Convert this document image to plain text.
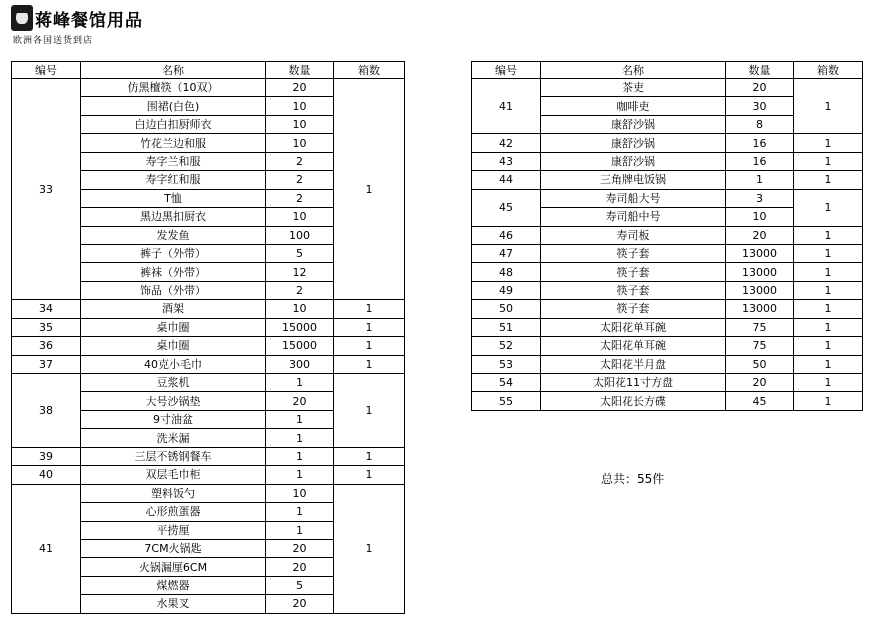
蒋峰餐馆用品
欧洲各国送货到店
编号	名称	数量	箱数
33	仿黑檀筷（10双）	20	1
	围裙(白色)	10	
	白边白扣厨师衣	10	
	竹花兰边和服	10	
	寿字兰和服	2	
	寿字红和服	2	
	T恤	2	
	黑边黑扣厨衣	10	
	发发鱼	100	
	裤子（外带）	5	
	裤袜（外带）	12	
	饰品（外带）	2	
34	酒架	10	1
35	桌巾圈	15000	1
36	桌巾圈	15000	1
37	40克小毛巾	300	1
38	豆浆机	1	1
	大号沙锅垫	20	
	9寸油盆	1	
	洗米漏	1	
39	三层不锈钢餐车	1	1
40	双层毛巾柜	1	1
41	塑料饭勺	10	1
	心形煎蛋器	1	
	平捞厘	1	
	7CM火锅匙	20	
	火锅漏厘6CM	20	
	煤燃器	5	
	水果叉	20	
编号	名称	数量	箱数
41	茶吏	20	1
	咖啡吏	30	
	康舒沙锅	8	
42	康舒沙锅	16	1
43	康舒沙锅	16	1
44	三角牌电饭锅	1	1
45	寿司船大号	3	1
	寿司船中号	10	
46	寿司板	20	1
47	筷子套	13000	1
48	筷子套	13000	1
49	筷子套	13000	1
50	筷子套	13000	1
51	太阳花单耳碗	75	1
52	太阳花单耳碗	75	1
53	太阳花半月盘	50	1
54	太阳花11寸方盘	20	1
55	太阳花长方碟	45	1
总共：55件
